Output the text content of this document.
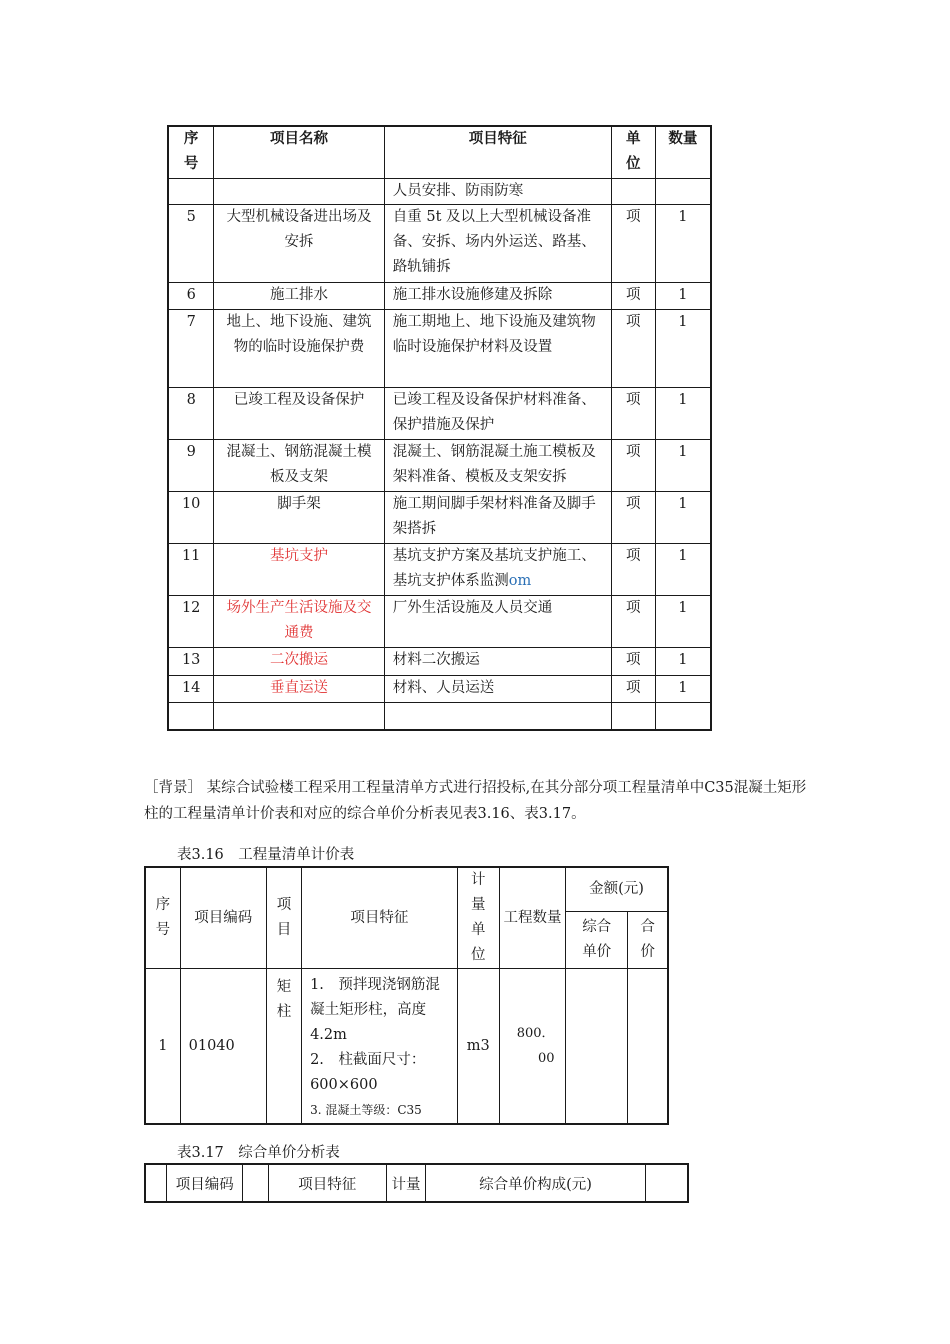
序号	项目名称	项目特征	单位	数量
		人员安排、防雨防寒		
5	大型机械设备进出场及安拆	自重 5t 及以上大型机械设备准备、安拆、场内外运送、路基、路轨铺拆	项	1
6	施工排水	施工排水设施修建及拆除	项	1
7	地上、地下设施、建筑物的临时设施保护费	施工期地上、地下设施及建筑物临时设施保护材料及设置	项	1
8	已竣工程及设备保护	已竣工程及设备保护材料准备、保护措施及保护	项	1
9	混凝土、钢筋混凝土模板及支架	混凝土、钢筋混凝土施工模板及架料准备、模板及支架安拆	项	1
10	脚手架	施工期间脚手架材料准备及脚手架搭拆	项	1
11	基坑支护	基坑支护方案及基坑支护施工、基坑支护体系监测om	项	1
12	场外生产生活设施及交通费	厂外生活设施及人员交通	项	1
13	二次搬运	材料二次搬运	项	1
14	垂直运送	材料、人员运送	项	1

［背景］ 某综合试验楼工程采用工程量清单方式进行招投标,在其分部分项工程量清单中C35混凝土矩形柱的工程量清单计价表和对应的综合单价分析表见表3.16、表3.17。
表3.16　工程量清单计价表
序号	项目编码	项目	项目特征	计量单位	工程数量	金额(元)	

						综合单价	合价

1	01040	矩柱	1.　预拌现浇钢筋混凝土矩形柱，高度4.2m
2.　柱截面尺寸：600×600
3. 混凝土等级：C35	m3	800．00		

表3.17　综合单价分析表
	项目编码		项目特征	计量	综合单价构成(元)	
